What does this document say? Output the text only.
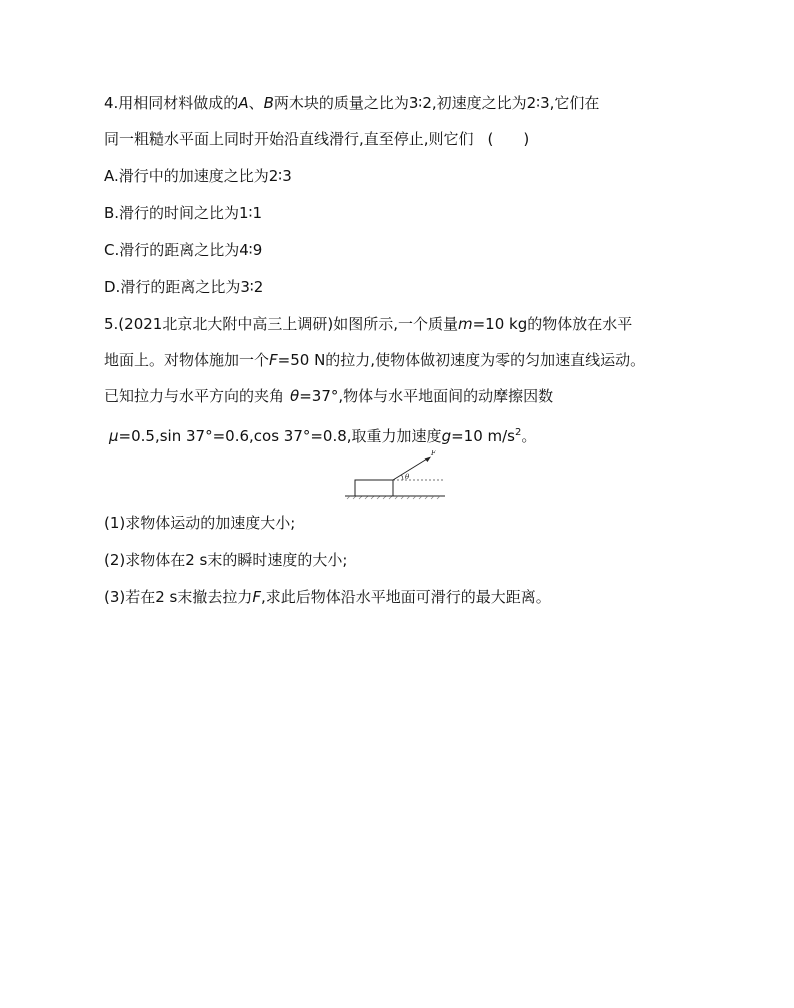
4.用相同材料做成的A、B两木块的质量之比为3∶2,初速度之比为2∶3,它们在
同一粗糙水平面上同时开始沿直线滑行,直至停止,则它们 (　　)
A.滑行中的加速度之比为2∶3
B.滑行的时间之比为1∶1
C.滑行的距离之比为4∶9
D.滑行的距离之比为3∶2
5.(2021北京北大附中高三上调研)如图所示,一个质量m=10 kg的物体放在水平
地面上。对物体施加一个F=50 N的拉力,使物体做初速度为零的匀加速直线运动。
已知拉力与水平方向的夹角 θ=37°,物体与水平地面间的动摩擦因数
μ=0.5,sin 37°=0.6,cos 37°=0.8,取重力加速度g=10 $m/s^2$。
θ
F
(1)求物体运动的加速度大小;
(2)求物体在2 s末的瞬时速度的大小;
(3)若在2 s末撤去拉力F,求此后物体沿水平地面可滑行的最大距离。
